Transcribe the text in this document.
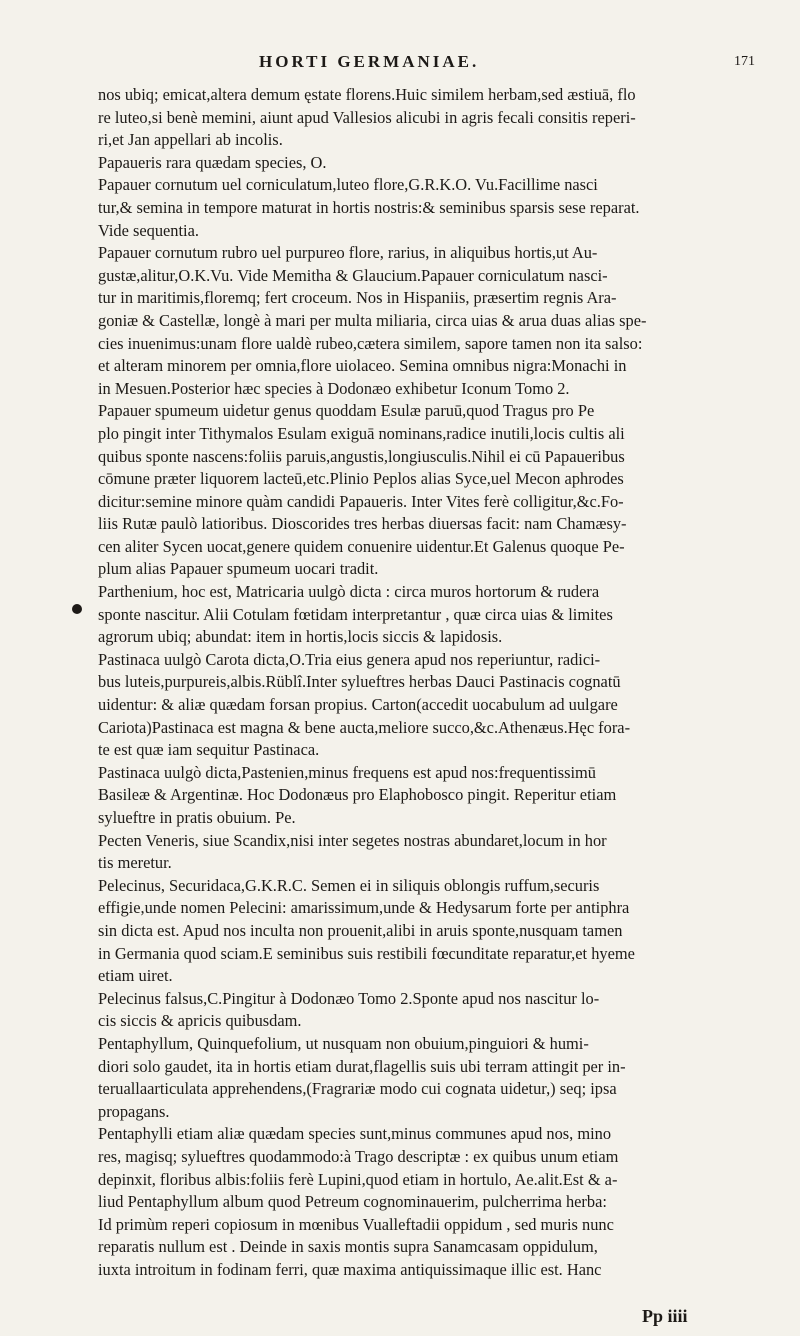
HORTI GERMANIAE.	171
nos ubiq; emicat,altera demum ęstate florens.Huic similem herbam,sed æstiuā, flo
re luteo,si benè memini, aiunt apud Vallesios alicubi in agris fecali consitis reperi-
ri,et Jan appellari ab incolis.
Papaueris rara quædam species, O.
Papauer cornutum uel corniculatum,luteo flore,G.R.K.O. Vu.Facillime nasci
tur,& semina in tempore maturat in hortis nostris:& seminibus sparsis sese reparat.
Vide sequentia.
Papauer cornutum rubro uel purpureo flore, rarius, in aliquibus hortis,ut Au-
gustæ,alitur,O.K.Vu. Vide Memitha & Glaucium.Papauer corniculatum nasci-
tur in maritimis,floremq; fert croceum. Nos in Hispaniis, præsertim regnis Ara-
goniæ & Castellæ, longè à mari per multa miliaria, circa uias & arua duas alias spe-
cies inuenimus:unam flore ualdè rubeo,cætera similem, sapore tamen non ita salso:
et alteram minorem per omnia,flore uiolaceo. Semina omnibus nigra:Monachi in
in Mesuen.Posterior hæc species à Dodonæo exhibetur Iconum Tomo 2.
Papauer spumeum uidetur genus quoddam Esulæ paruū,quod Tragus pro Pe
plo pingit inter Tithymalos Esulam exiguā nominans,radice inutili,locis cultis ali
quibus sponte nascens:foliis paruis,angustis,longiusculis.Nihil ei cū Papaueribus
cōmune præter liquorem lacteū,etc.Plinio Peplos alias Syce,uel Mecon aphrodes
dicitur:semine minore quàm candidi Papaueris. Inter Vites ferè colligitur,&c.Fo-
liis Rutæ paulò latioribus. Dioscorides tres herbas diuersas facit: nam Chamæsy-
cen aliter Sycen uocat,genere quidem conuenire uidentur.Et Galenus quoque Pe-
plum alias Papauer spumeum uocari tradit.
Parthenium, hoc est, Matricaria uulgò dicta : circa muros hortorum & rudera
sponte nascitur. Alii Cotulam fœtidam interpretantur , quæ circa uias & limites
agrorum ubiq; abundat: item in hortis,locis siccis & lapidosis.
Pastinaca uulgò Carota dicta,O.Tria eius genera apud nos reperiuntur, radici-
bus luteis,purpureis,albis.Rüblî.Inter sylueftres herbas Dauci Pastinacis cognatū
uidentur: & aliæ quædam forsan propius. Carton(accedit uocabulum ad uulgare
Cariota)Pastinaca est magna & bene aucta,meliore succo,&c.Athenæus.Hęc fora-
te est quæ iam sequitur Pastinaca.
Pastinaca uulgò dicta,Pastenien,minus frequens est apud nos:frequentissimū
Basileæ & Argentinæ. Hoc Dodonæus pro Elaphobosco pingit. Reperitur etiam
sylueftre in pratis obuium. Pe.
Pecten Veneris, siue Scandix,nisi inter segetes nostras abundaret,locum in hor
tis meretur.
Pelecinus, Securidaca,G.K.R.C. Semen ei in siliquis oblongis ruffum,securis
effigie,unde nomen Pelecini: amarissimum,unde & Hedysarum forte per antiphra
sin dicta est. Apud nos inculta non prouenit,alibi in aruis sponte,nusquam tamen
in Germania quod sciam.E seminibus suis restibili fœcunditate reparatur,et hyeme
etiam uiret.
Pelecinus falsus,C.Pingitur à Dodonæo Tomo 2.Sponte apud nos nascitur lo-
cis siccis & apricis quibusdam.
Pentaphyllum, Quinquefolium, ut nusquam non obuium,pinguiori & humi-
diori solo gaudet, ita in hortis etiam durat,flagellis suis ubi terram attingit per in-
teruallaarticulata apprehendens,(Fragrariæ modo cui cognata uidetur,) seq; ipsa
propagans.
Pentaphylli etiam aliæ quædam species sunt,minus communes apud nos, mino
res, magisq; sylueftres quodammodo:à Trago descriptæ : ex quibus unum etiam
depinxit, floribus albis:foliis ferè Lupini,quod etiam in hortulo, Ae.alit.Est & a-
liud Pentaphyllum album quod Petreum cognominauerim, pulcherrima herba:
Id primùm reperi copiosum in mœnibus Vualleftadii oppidum , sed muris nunc
reparatis nullum est . Deinde in saxis montis supra Sanamcasam oppidulum,
iuxta introitum in fodinam ferri, quæ maxima antiquissimaque illic est. Hanc
Pp iiii
